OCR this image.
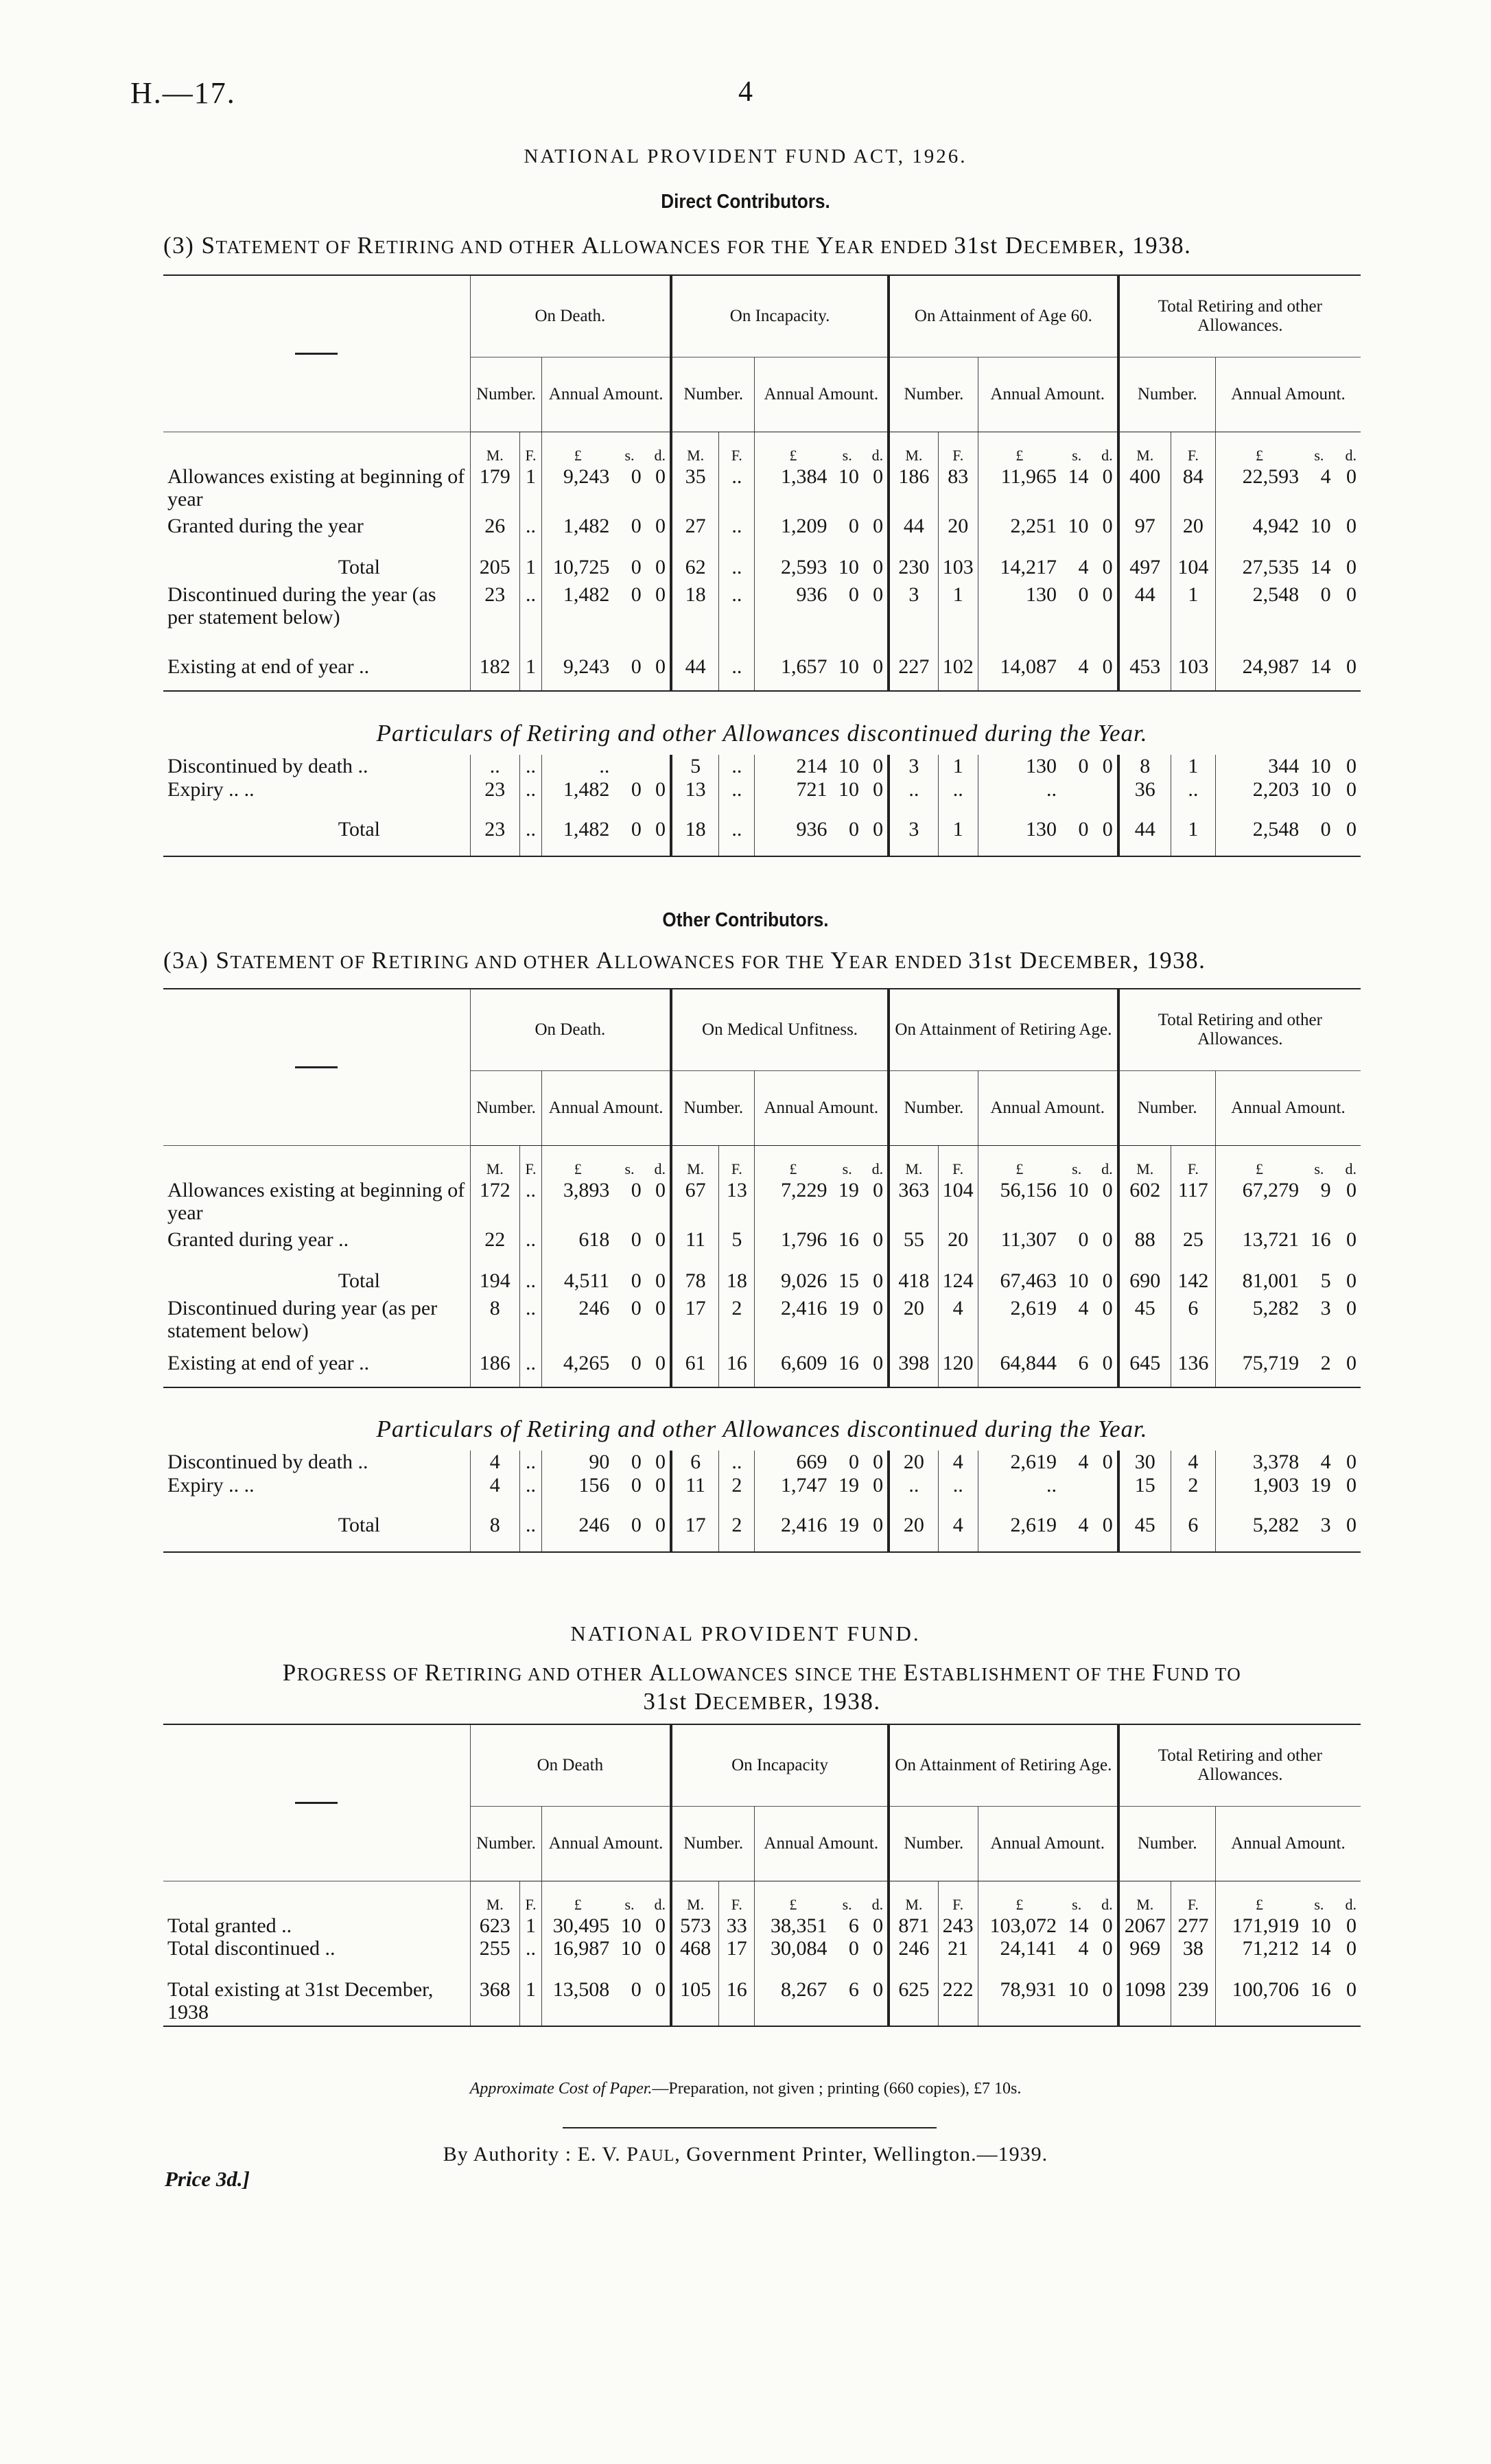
H.—17.	4
NATIONAL PROVIDENT FUND ACT, 1926.
Direct Contributors.
(3) STATEMENT OF RETIRING AND OTHER ALLOWANCES FOR THE YEAR ENDED 31st DECEMBER, 1938.
	On Death.					On Incapacity.					On Attainment of Age 60.					Total Retiring and other Allowances.				
	Number.		Annual Amount.			Number.		Annual Amount.			Number.		Annual Amount.			Number.		Annual Amount.		
	M.	F.	£	s.	d.	M.	F.	£	s.	d.	M.	F.	£	s.	d.	M.	F.	£	s.	d.
Allowances existing at beginning of year	179	1	9,243	0	0	35	..	1,384	10	0	186	83	11,965	14	0	400	84	22,593	4	0
Granted during the year	26	..	1,482	0	0	27	..	1,209	0	0	44	20	2,251	10	0	97	20	4,942	10	0
Total	205	1	10,725	0	0	62	..	2,593	10	0	230	103	14,217	4	0	497	104	27,535	14	0
Discontinued during the year (as per statement below)	23	..	1,482	0	0	18	..	936	0	0	3	1	130	0	0	44	1	2,548	0	0
Existing at end of year ..	182	1	9,243	0	0	44	..	1,657	10	0	227	102	14,087	4	0	453	103	24,987	14	0
Particulars of Retiring and other Allowances discontinued during the Year.
Discontinued by death ..	..	..	..			5	..	214	10	0	3	1	130	0	0	8	1	344	10	0
Expiry .. ..	23	..	1,482	0	0	13	..	721	10	0	..	..	..			36	..	2,203	10	0
Total	23	..	1,482	0	0	18	..	936	0	0	3	1	130	0	0	44	1	2,548	0	0
Other Contributors.
(3A) STATEMENT OF RETIRING AND OTHER ALLOWANCES FOR THE YEAR ENDED 31st DECEMBER, 1938.
	On Death.					On Medical Unfitness.					On Attainment of Retiring Age.					Total Retiring and other Allowances.				
	Number.		Annual Amount.			Number.		Annual Amount.			Number.		Annual Amount.			Number.		Annual Amount.		
	M.	F.	£	s.	d.	M.	F.	£	s.	d.	M.	F.	£	s.	d.	M.	F.	£	s.	d.
Allowances existing at beginning of year	172	..	3,893	0	0	67	13	7,229	19	0	363	104	56,156	10	0	602	117	67,279	9	0
Granted during year ..	22	..	618	0	0	11	5	1,796	16	0	55	20	11,307	0	0	88	25	13,721	16	0
Total	194	..	4,511	0	0	78	18	9,026	15	0	418	124	67,463	10	0	690	142	81,001	5	0
Discontinued during year (as per statement below)	8	..	246	0	0	17	2	2,416	19	0	20	4	2,619	4	0	45	6	5,282	3	0
Existing at end of year ..	186	..	4,265	0	0	61	16	6,609	16	0	398	120	64,844	6	0	645	136	75,719	2	0
Particulars of Retiring and other Allowances discontinued during the Year.
Discontinued by death ..	4	..	90	0	0	6	..	669	0	0	20	4	2,619	4	0	30	4	3,378	4	0
Expiry .. ..	4	..	156	0	0	11	2	1,747	19	0	..	..	..			15	2	1,903	19	0
Total	8	..	246	0	0	17	2	2,416	19	0	20	4	2,619	4	0	45	6	5,282	3	0
NATIONAL PROVIDENT FUND.
PROGRESS OF RETIRING AND OTHER ALLOWANCES SINCE THE ESTABLISHMENT OF THE FUND TO
31st DECEMBER, 1938.
	On Death					On Incapacity					On Attainment of Retiring Age.					Total Retiring and other Allowances.				
	Number.		Annual Amount.			Number.		Annual Amount.			Number.		Annual Amount.			Number.		Annual Amount.		
	M.	F.	£	s.	d.	M.	F.	£	s.	d.	M.	F.	£	s.	d.	M.	F.	£	s.	d.
Total granted ..	623	1	30,495	10	0	573	33	38,351	6	0	871	243	103,072	14	0	2067	277	171,919	10	0
Total discontinued ..	255	..	16,987	10	0	468	17	30,084	0	0	246	21	24,141	4	0	969	38	71,212	14	0
Total existing at 31st December, 1938	368	1	13,508	0	0	105	16	8,267	6	0	625	222	78,931	10	0	1098	239	100,706	16	0
Approximate Cost of Paper.—Preparation, not given ; printing (660 copies), £7 10s.
By Authority : E. V. PAUL, Government Printer, Wellington.—1939.
Price 3d.]
